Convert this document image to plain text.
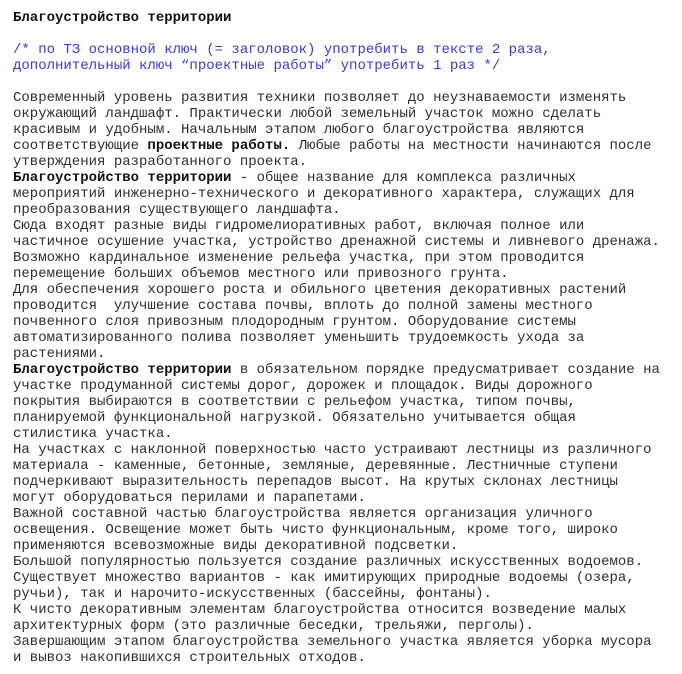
Благоустройство территории
/* по ТЗ основной ключ (= заголовок) употребить в тексте 2 раза,
дополнительный ключ “проектные работы” употребить 1 раз */
Современный уровень развития техники позволяет до неузнаваемости изменять
окружающий ландшафт. Практически любой земельный участок можно сделать
красивым и удобным. Начальным этапом любого благоустройства являются
соответствующие проектные работы. Любые работы на местности начинаются после
утверждения разработанного проекта.
Благоустройство территории - общее название для комплекса различных
мероприятий инженерно-технического и декоративного характера, служащих для
преобразования существующего ландшафта.
Сюда входят разные виды гидромелиоративных работ, включая полное или
частичное осушение участка, устройство дренажной системы и ливневого дренажа.
Возможно кардинальное изменение рельефа участка, при этом проводится
перемещение больших объемов местного или привозного грунта.
Для обеспечения хорошего роста и обильного цветения декоративных растений
проводится  улучшение состава почвы, вплоть до полной замены местного
почвенного слоя привозным плодородным грунтом. Оборудование системы
автоматизированного полива позволяет уменьшить трудоемкость ухода за
растениями.
Благоустройство территории в обязательном порядке предусматривает создание на
участке продуманной системы дорог, дорожек и площадок. Виды дорожного
покрытия выбираются в соответствии с рельефом участка, типом почвы,
планируемой функциональной нагрузкой. Обязательно учитывается общая
стилистика участка.
На участках с наклонной поверхностью часто устраивают лестницы из различного
материала - каменные, бетонные, земляные, деревянные. Лестничные ступени
подчеркивают выразительность перепадов высот. На крутых склонах лестницы
могут оборудоваться перилами и парапетами.
Важной составной частью благоустройства является организация уличного
освещения. Освещение может быть чисто функциональным, кроме того, широко
применяются всевозможные виды декоративной подсветки.
Большой популярностью пользуется создание различных искусственных водоемов.
Существует множество вариантов - как имитирующих природные водоемы (озера,
ручьи), так и нарочито-искусственных (бассейны, фонтаны).
К чисто декоративным элементам благоустройства относится возведение малых
архитектурных форм (это различные беседки, трельяжи, перголы).
Завершающим этапом благоустройства земельного участка является уборка мусора
и вывоз накопившихся строительных отходов.
